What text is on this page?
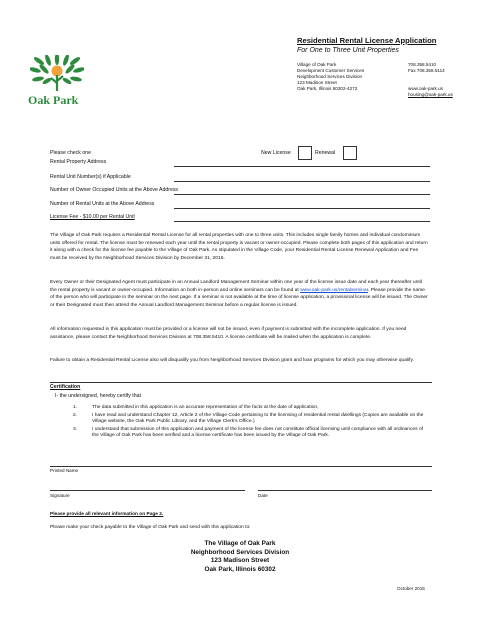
Oak Park
Residential Rental License Application
For One to Three Unit Properties
Village of Oak Park
Development Customer Services
Neighborhood Services Division
123 Madison Street
Oak Park, Illinois 60302-4272
708.358.5410
Fax 708.358.5114
www.oak-park.us
housing@oak-park.us
Please check one	New License	Renewal
Rental Property Address
Rental Unit Number(s) if Applicable
Number of Owner Occupied Units at the Above Address
Number of Rental Units at the Above Address
License Fee - $10.00 per Rental Unit
The Village of Oak Park requires a Residential Rental License for all rental properties with one to three units. This includes single family homes and individual condominium units offered for rental. The license must be renewed each year until the rental property is vacant or owner-occupied. Please complete both pages of this application and return it along with a check for the license fee payable to the Village of Oak Park. As stipulated in the Village Code, your Residential Rental License Renewal Application and Fee must be received by the Neighborhood Services Division by December 31, 2016.
Every Owner or their Designated Agent must participate in an Annual Landlord Management Seminar within one year of the license issue date and each year thereafter until the rental property is vacant or owner-occupied. Information on both in-person and online seminars can be found at www.oak-park.us/rentalseminar. Please provide the name of the person who will participate in the seminar on the next page. If a seminar is not available at the time of license application, a provisional license will be issued. The Owner or their Designated must then attend the Annual Landlord Management Seminar before a regular license is issued.
All information requested in this application must be provided or a license will not be issued, even if payment is submitted with the incomplete application. If you need assistance, please contact the Neighborhood Services Division at 708.358.5410. A license certificate will be mailed when the application is complete.
Failure to obtain a Residential Rental License also will disqualify you from Neighborhood Services Division grant and loan programs for which you may otherwise qualify.
Certification
I- the undersigned, hereby certify that
1.	The data submitted in this application is an accurate representation of the facts at the date of application,
2.	I have read and understand Chapter 12, Article 2 of the Village Code pertaining to the licensing of residential rental dwellings (Copies are available on the Village website, the Oak Park Public Library, and the Village Clerk's Office.)
3.	I understand that submission of this application and payment of the license fee does not constitute official licensing until compliance with all ordinances of the Village of Oak Park has been verified and a license certificate has been issued by the Village of Oak Park.
Printed Name
Signature	Date
Please provide all relevant information on Page 2.
Please make your check payable to the Village of Oak Park and send with this application to:
The Village of Oak Park
Neighborhood Services Division
123 Madison Street
Oak Park, Illinois 60302
October 2016
